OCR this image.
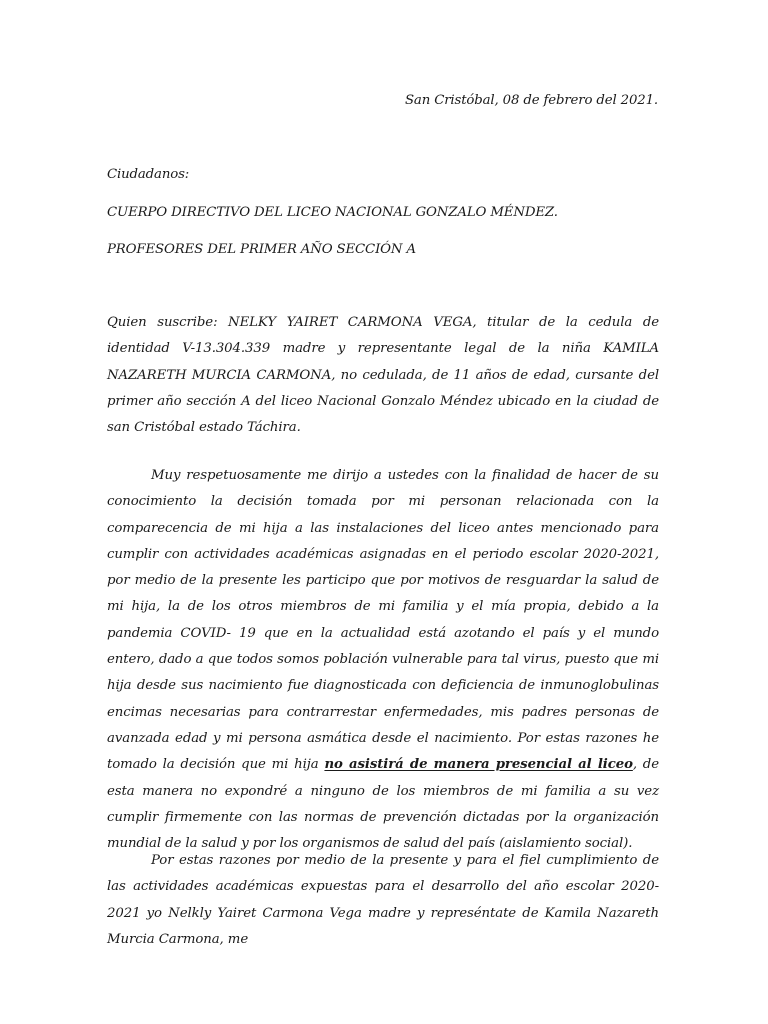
San Cristóbal, 08 de febrero del 2021.
Ciudadanos:
CUERPO DIRECTIVO DEL LICEO NACIONAL GONZALO MÉNDEZ.
PROFESORES DEL PRIMER AÑO SECCIÓN A

Quien suscribe: NELKY YAIRET CARMONA VEGA, titular de la cedula de identidad V-13.304.339 madre y representante legal de la niña KAMILA NAZARETH MURCIA CARMONA, no cedulada, de 11 años de edad, cursante del primer año sección A del liceo Nacional Gonzalo Méndez ubicado en la ciudad de san Cristóbal estado Táchira.

Muy respetuosamente me dirijo a ustedes con la finalidad de hacer de su conocimiento la decisión tomada por mi personan relacionada con la comparecencia de mi hija a las instalaciones del liceo antes mencionado para cumplir con actividades académicas asignadas en el periodo escolar 2020-2021, por medio de la presente les participo que por motivos de resguardar la salud de mi hija, la de los otros miembros de mi familia y el mía propia, debido a la pandemia COVID- 19 que en la actualidad está azotando el país y el mundo entero, dado a que todos somos población vulnerable para tal virus, puesto que mi hija desde sus nacimiento fue diagnosticada con deficiencia de inmunoglobulinas encimas necesarias para contrarrestar enfermedades, mis padres personas de avanzada edad y mi persona asmática desde el nacimiento. Por estas razones he tomado la decisión que mi hija no asistirá de manera presencial al liceo, de esta manera no expondré a ninguno de los miembros de mi familia a su vez cumplir firmemente con las normas de prevención dictadas por la organización mundial de la salud y por los organismos de salud del país (aislamiento social).

Por estas razones por medio de la presente y para el fiel cumplimiento de las actividades académicas expuestas para el desarrollo del año escolar 2020-2021 yo Nelkly Yairet Carmona Vega madre y represéntate de Kamila Nazareth Murcia Carmona, me
